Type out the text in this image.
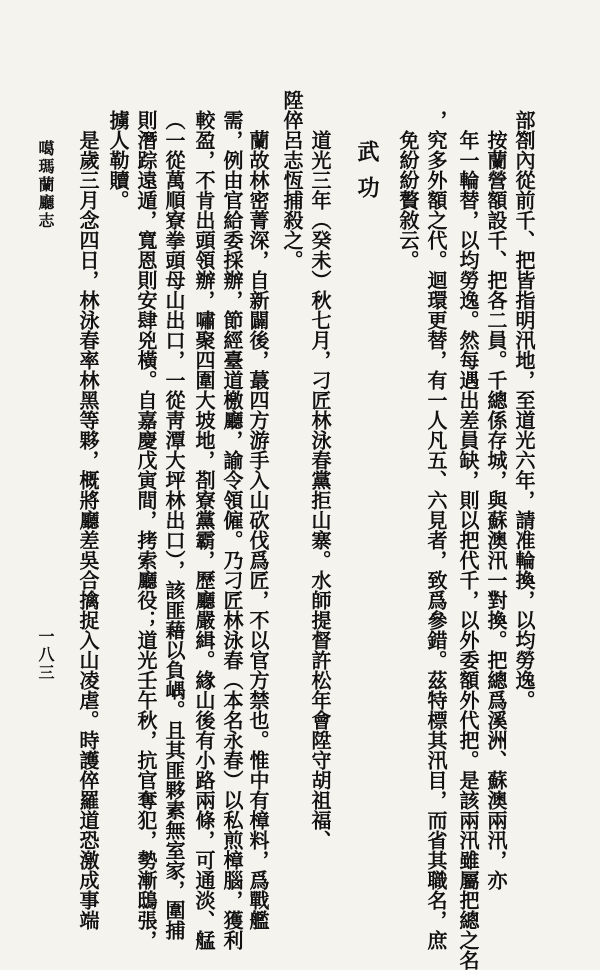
部劄內從前千、把皆指明汛地，至道光六年，請准輪換，以均勞逸。
按蘭營額設千、把各二員。千總係存城，與蘇澳汛一對換。把總爲溪洲、蘇澳兩汛，亦
年一輪替，以均勞逸。然每遇出差員缺，則以把代千，以外委額外代把。是該兩汛雖屬把總之名
，究多外額之代。迴環更替，有一人凡五、六見者，致爲參錯。茲特標其汛目，而省其職名，庶
免紛紛贅敘云。
武功
道光三年（癸未）秋七月，刁匠林泳春黨拒山寨。水師提督許松年會陞守胡祖福、
陞倅呂志恆捕殺之。
蘭故林密菁深，自新闢後，蕞四方游手入山砍伐爲匠，不以官方禁也。惟中有樟料，爲戰艦
需，例由官給委採辦，節經臺道檄廳，諭令領僱。乃刁匠林泳春（本名永春）以私煎樟腦，獲利
較盈，不肯出頭領辦，嘯聚四圍大坡地，剳寮黨霸，歷廳嚴緝。緣山後有小路兩條，可通淡、艋
（一從萬順寮拳頭母山出口，一從靑潭大坪林出口），該匪藉以負嵎。且其匪夥素無室家，圍捕
則潛踪遠遁，寬恩則安肆兇橫。自嘉慶戊寅間，拷索廳役；道光壬午秋，抗官奪犯，勢漸鴟張，
擄人勒贖。
是歲三月念四日，林泳春率林黑等夥，概將廳差吳合擒捉入山凌虐。時護倅羅道恐激成事端
噶瑪蘭廳志
一八三
